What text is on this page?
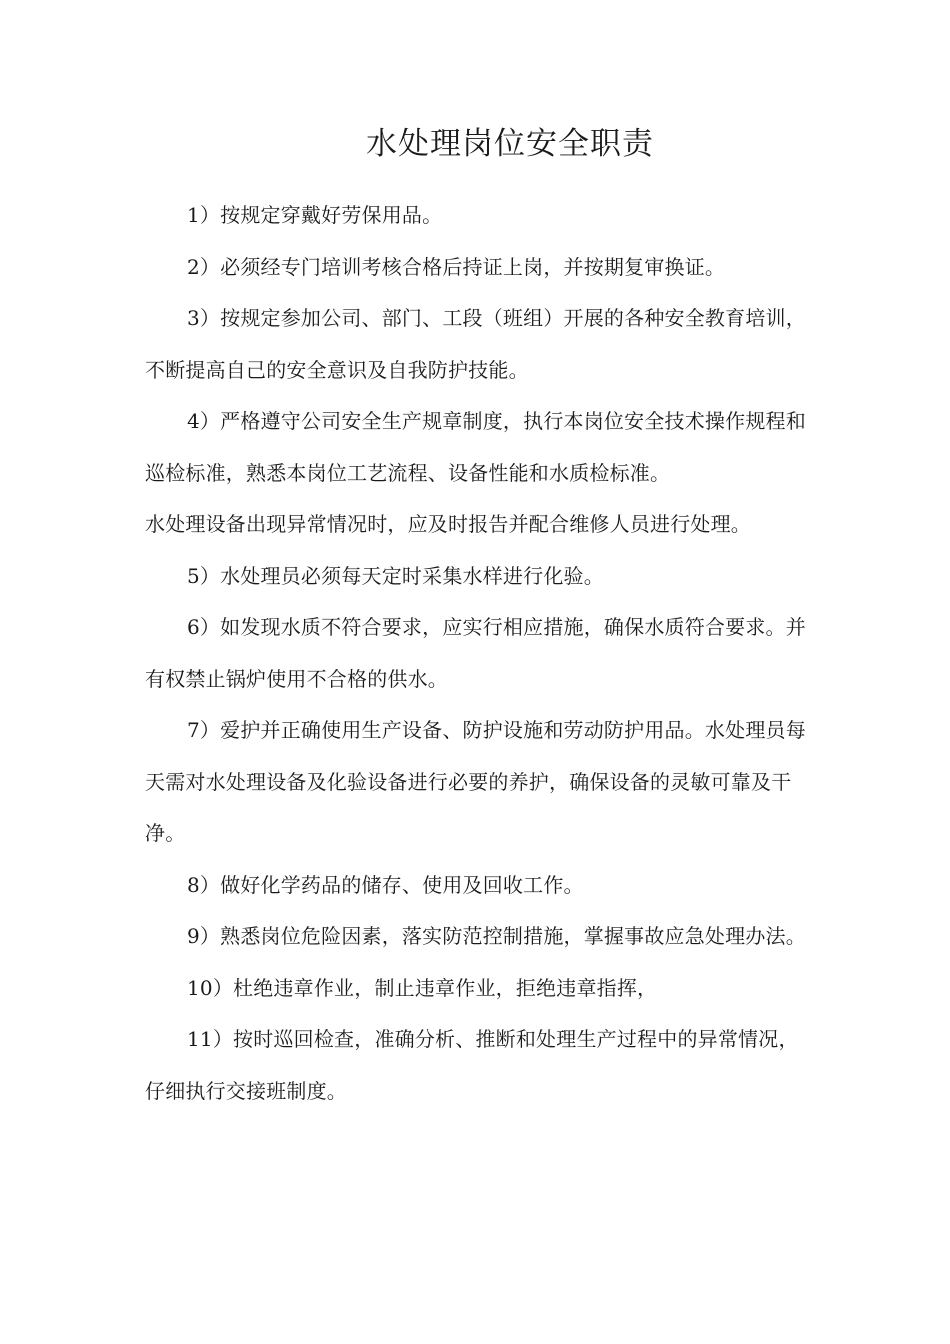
水处理岗位安全职责

1）按规定穿戴好劳保用品。

2）必须经专门培训考核合格后持证上岗，并按期复审换证。

3）按规定参加公司、部门、工段（班组）开展的各种安全教育培训，不断提高自己的安全意识及自我防护技能。

4）严格遵守公司安全生产规章制度，执行本岗位安全技术操作规程和巡检标准，熟悉本岗位工艺流程、设备性能和水质检标准。

水处理设备出现异常情况时，应及时报告并配合维修人员进行处理。

5）水处理员必须每天定时采集水样进行化验。

6）如发现水质不符合要求，应实行相应措施，确保水质符合要求。并有权禁止锅炉使用不合格的供水。

7）爱护并正确使用生产设备、防护设施和劳动防护用品。水处理员每天需对水处理设备及化验设备进行必要的养护，确保设备的灵敏可靠及干净。

8）做好化学药品的储存、使用及回收工作。

9）熟悉岗位危险因素，落实防范控制措施，掌握事故应急处理办法。

10）杜绝违章作业，制止违章作业，拒绝违章指挥，

11）按时巡回检查，准确分析、推断和处理生产过程中的异常情况，仔细执行交接班制度。
